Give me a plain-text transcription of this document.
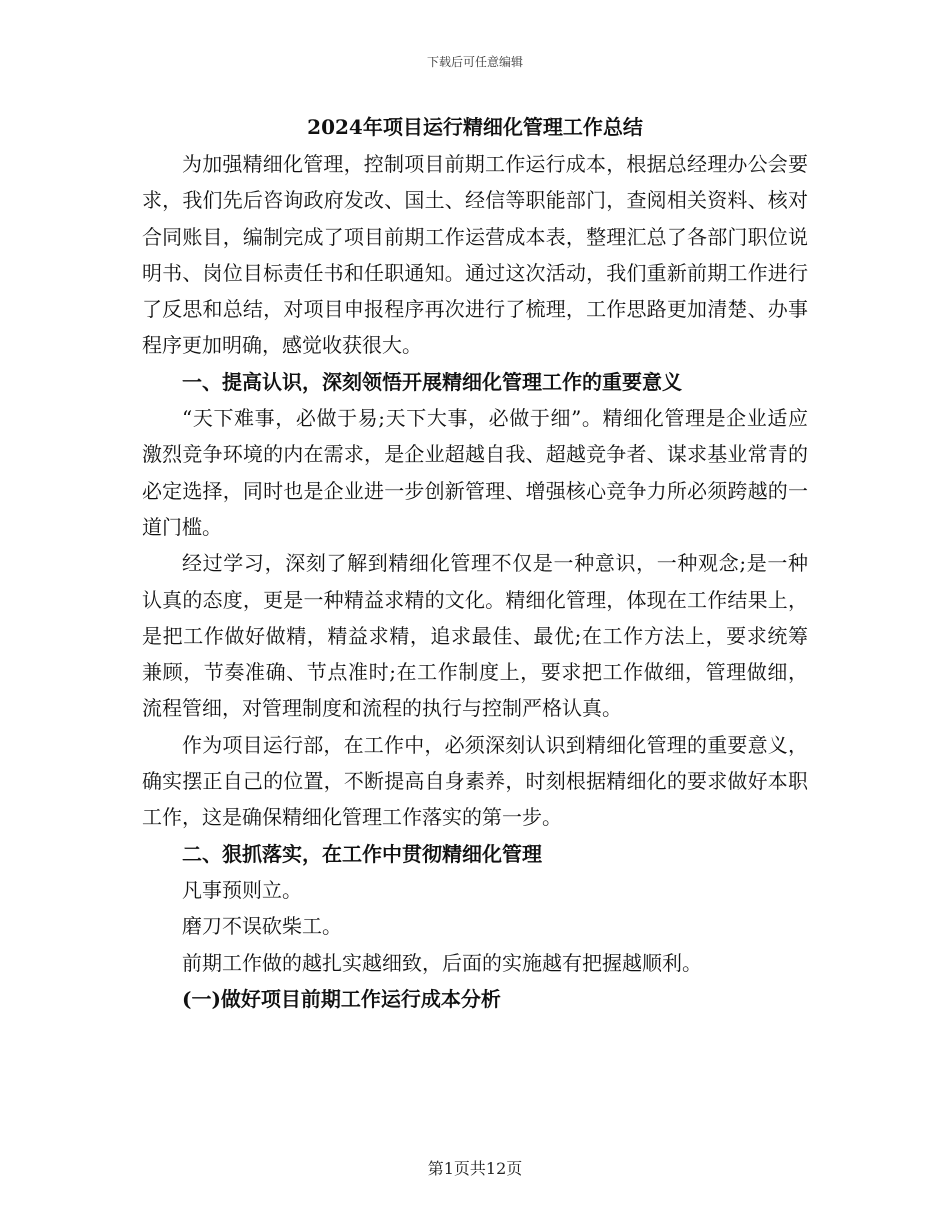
下载后可任意编辑
2024年项目运行精细化管理工作总结

为加强精细化管理，控制项目前期工作运行成本，根据总经理办公会要求，我们先后咨询政府发改、国土、经信等职能部门，查阅相关资料、核对合同账目，编制完成了项目前期工作运营成本表，整理汇总了各部门职位说明书、岗位目标责任书和任职通知。通过这次活动，我们重新前期工作进行了反思和总结，对项目申报程序再次进行了梳理，工作思路更加清楚、办事程序更加明确，感觉收获很大。

一、提高认识，深刻领悟开展精细化管理工作的重要意义

“天下难事，必做于易;天下大事，必做于细”。精细化管理是企业适应激烈竞争环境的内在需求，是企业超越自我、超越竞争者、谋求基业常青的必定选择，同时也是企业进一步创新管理、增强核心竞争力所必须跨越的一道门槛。

经过学习，深刻了解到精细化管理不仅是一种意识，一种观念;是一种认真的态度，更是一种精益求精的文化。精细化管理，体现在工作结果上，是把工作做好做精，精益求精，追求最佳、最优;在工作方法上，要求统筹兼顾，节奏准确、节点准时;在工作制度上，要求把工作做细，管理做细，流程管细，对管理制度和流程的执行与控制严格认真。

作为项目运行部，在工作中，必须深刻认识到精细化管理的重要意义，确实摆正自己的位置，不断提高自身素养，时刻根据精细化的要求做好本职工作，这是确保精细化管理工作落实的第一步。

二、狠抓落实，在工作中贯彻精细化管理

凡事预则立。

磨刀不误砍柴工。

前期工作做的越扎实越细致，后面的实施越有把握越顺利。

(一)做好项目前期工作运行成本分析

第1页共12页
